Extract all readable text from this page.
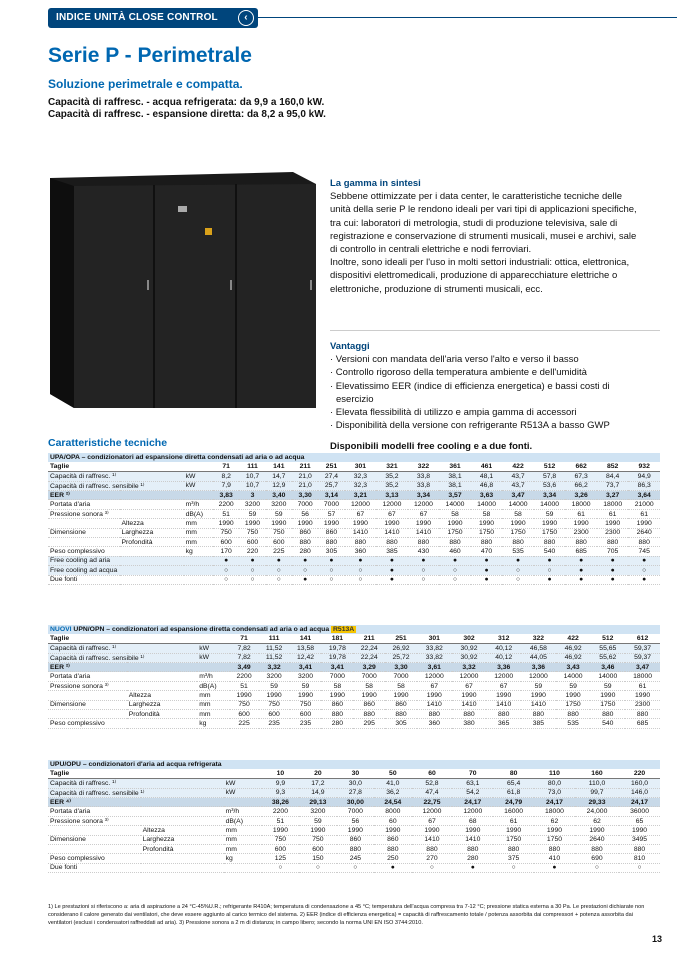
INDICE UNITÀ CLOSE CONTROL	‹
Serie P - Perimetrale
Soluzione perimetrale e compatta.
Capacità di raffresc. - acqua refrigerata: da 9,9 a 160,0 kW.
Capacità di raffresc. - espansione diretta: da 8,2 a 95,0 kW.
La gamma in sintesi
Sebbene ottimizzate per i data center, le caratteristiche tecniche delle unità della serie P le rendono ideali per vari tipi di applicazioni specifiche, tra cui: laboratori di metrologia, studi di produzione televisiva, sale di registrazione e conservazione di strumenti musicali, musei e archivi, sale di controllo in centrali elettriche e nodi ferroviari.
Inoltre, sono ideali per l'uso in molti settori industriali: ottica, elettronica, dispositivi elettromedicali, produzione di apparecchiature elettriche o elettroniche, produzione di strumenti musicali, ecc.
Vantaggi
· Versioni con mandata dell'aria verso l'alto e verso il basso
· Controllo rigoroso della temperatura ambiente e dell'umidità
· Elevatissimo EER (indice di efficienza energetica) e bassi costi di esercizio
· Elevata flessibilità di utilizzo e ampia gamma di accessori
· Disponibilità della versione con refrigerante R513A a basso GWP
Caratteristiche tecniche	Disponibili modelli free cooling e a due fonti.
UPA/OPA – condizionatori ad espansione diretta condensati ad aria o ad acqua																	
Taglie			71	111	141	211	251	301	321	322	361	461	422	512	662	852	932
Capacità di raffresc. ¹⁾		kW	8,2	10,7	14,7	21,0	27,4	32,3	35,2	33,8	38,1	48,1	43,7	57,8	67,3	84,4	94,9
Capacità di raffresc. sensibile ¹⁾		kW	7,9	10,7	12,9	21,0	25,7	32,3	35,2	33,8	38,1	46,8	43,7	53,6	66,2	73,7	86,3
EER ²⁾			3,83	3	3,40	3,30	3,14	3,21	3,13	3,34	3,57	3,63	3,47	3,34	3,26	3,27	3,64
Portata d'aria		m³/h	2200	3200	3200	7000	7000	12000	12000	12000	14000	14000	14000	14000	18000	18000	21000
Pressione sonora ³⁾		dB(A)	51	59	59	56	57	67	67	67	58	58	58	59	61	61	61
	Altezza	mm	1990	1990	1990	1990	1990	1990	1990	1990	1990	1990	1990	1990	1990	1990	1990
Dimensione	Larghezza	mm	750	750	750	860	860	1410	1410	1410	1750	1750	1750	1750	2300	2300	2640
	Profondità	mm	600	600	600	880	880	880	880	880	880	880	880	880	880	880	880
Peso complessivo		kg	170	220	225	280	305	360	385	430	460	470	535	540	685	705	745
Free cooling ad aria			●	●	●	●	●	●	●	●	●	●	●	●	●	●	●
Free cooling ad acqua			○	○	○	○	○	○	●	○	○	●	○	○	●	●	○
Due fonti			○	○	○	●	○	○	●	○	○	●	○	●	●	●	●
NUOVI UPN/OPN – condizionatori ad espansione diretta condensati ad aria o ad acqua R513A															
Taglie			71	111	141	181	211	251	301	302	312	322	422	512	612
Capacità di raffresc. ¹⁾		kW	7,82	11,52	13,58	19,78	22,24	26,92	33,82	30,92	40,12	46,58	46,92	55,65	59,37
Capacità di raffresc. sensibile ¹⁾		kW	7,82	11,52	12,42	19,78	22,24	25,72	33,82	30,92	40,12	44,05	46,92	55,62	59,37
EER ²⁾			3,49	3,32	3,41	3,41	3,29	3,30	3,61	3,32	3,36	3,36	3,43	3,46	3,47
Portata d'aria		m³/h	2200	3200	3200	7000	7000	7000	12000	12000	12000	12000	14000	14000	18000
Pressione sonora ³⁾		dB(A)	51	59	59	58	58	58	67	67	67	59	59	59	61
	Altezza	mm	1990	1990	1990	1990	1990	1990	1990	1990	1990	1990	1990	1990	1990
Dimensione	Larghezza	mm	750	750	750	860	860	860	1410	1410	1410	1410	1750	1750	2300
	Profondità	mm	600	600	600	880	880	880	880	880	880	880	880	880	880
Peso complessivo		kg	225	235	235	280	295	305	360	380	365	385	535	540	685
UPU/OPU – condizionatori d'aria ad acqua refrigerata												
Taglie			10	20	30	50	60	70	80	110	160	220
Capacità di raffresc. ¹⁾		kW	9,9	17,2	30,0	41,0	52,8	63,1	65,4	80,0	110,0	160,0
Capacità di raffresc. sensibile ¹⁾		kW	9,3	14,9	27,8	36,2	47,4	54,2	61,8	73,0	99,7	146,0
EER ⁴⁾			38,26	29,13	30,00	24,54	22,75	24,17	24,79	24,17	29,33	24,17
Portata d'aria		m³/h	2200	3200	7000	8000	12000	12000	16000	18000	24,000	36000
Pressione sonora ³⁾		dB(A)	51	59	56	60	67	68	61	62	62	65
	Altezza	mm	1990	1990	1990	1990	1990	1990	1990	1990	1990	1990
Dimensione	Larghezza	mm	750	750	860	860	1410	1410	1750	1750	2640	3495
	Profondità	mm	600	600	880	880	880	880	880	880	880	880
Peso complessivo		kg	125	150	245	250	270	280	375	410	690	810
Due fonti			○	○	○	●	○	●	○	●	○	○
1) Le prestazioni si riferiscono a: aria di aspirazione a 24 °C-45%U.R.; refrigerante R410A; temperatura di condensazione a 45 °C; temperatura dell'acqua compresa tra 7-12 °C; pressione statica esterna a 30 Pa. Le prestazioni dichiarate non considerano il calore generato dai ventilatori, che deve essere aggiunto al carico termico del sistema. 2) EER (indice di efficienza energetica) = capacità di raffrescamento totale / potenza assorbita dai compressori + potenza assorbita dai ventilatori (esclusi i condensatori raffreddati ad aria). 3) Pressione sonora a 2 m di distanza; in campo libero; secondo la norma UNI EN ISO 3744:2010.
13
